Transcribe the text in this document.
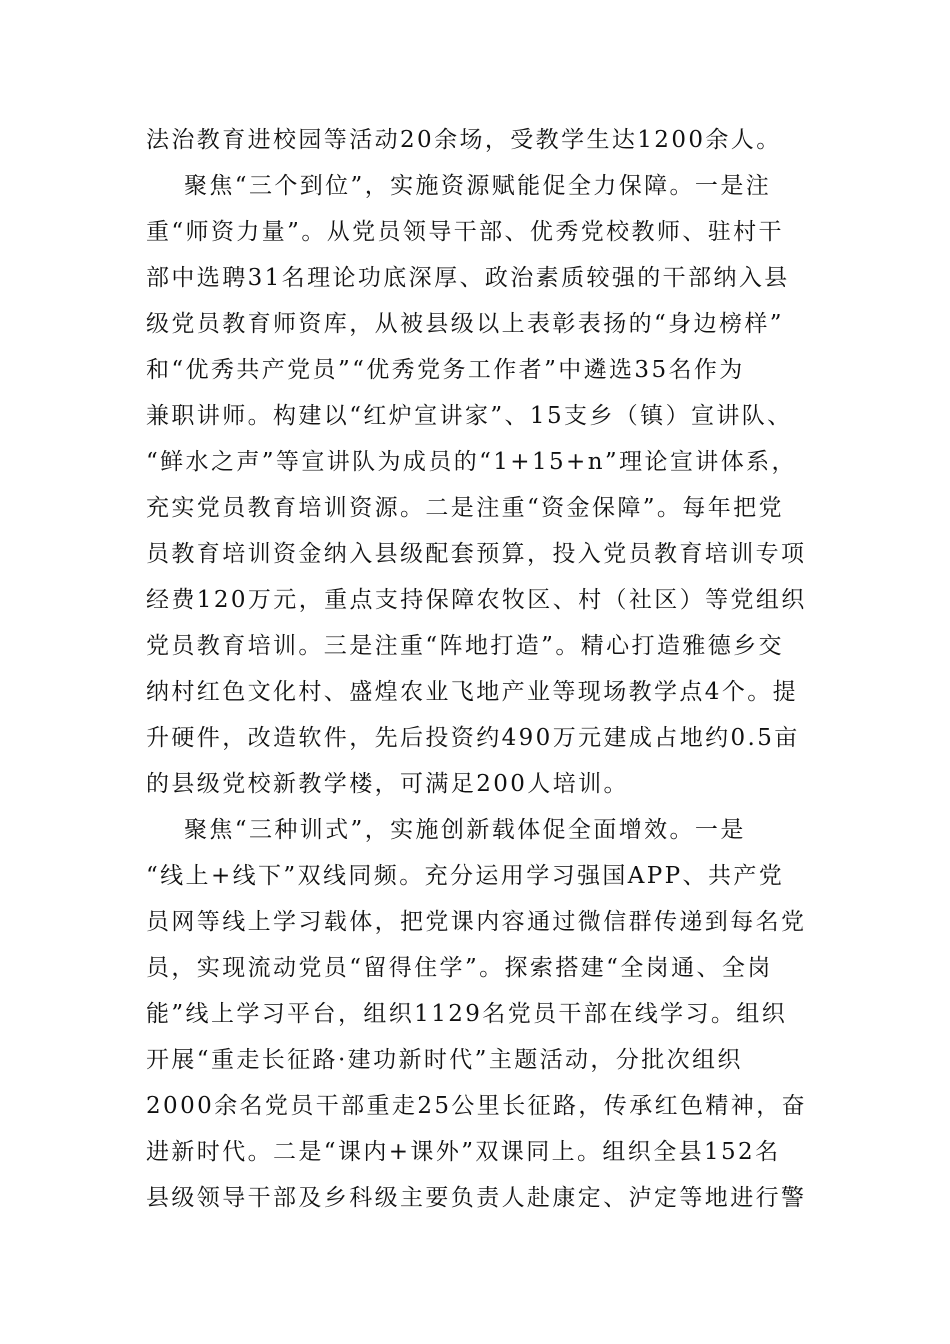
法治教育进校园等活动20余场，受教学生达1200余人。
聚焦“三个到位”，实施资源赋能促全力保障。一是注
重“师资力量”。从党员领导干部、优秀党校教师、驻村干
部中选聘31名理论功底深厚、政治素质较强的干部纳入县
级党员教育师资库，从被县级以上表彰表扬的“身边榜样”
和“优秀共产党员”“优秀党务工作者”中遴选35名作为
兼职讲师。构建以“红炉宣讲家”、15支乡（镇）宣讲队、
“鲜水之声”等宣讲队为成员的“1+15+n”理论宣讲体系，
充实党员教育培训资源。二是注重“资金保障”。每年把党
员教育培训资金纳入县级配套预算，投入党员教育培训专项
经费120万元，重点支持保障农牧区、村（社区）等党组织
党员教育培训。三是注重“阵地打造”。精心打造雅德乡交
纳村红色文化村、盛煌农业飞地产业等现场教学点4个。提
升硬件，改造软件，先后投资约490万元建成占地约0.5亩
的县级党校新教学楼，可满足200人培训。
聚焦“三种训式”，实施创新载体促全面增效。一是
“线上+线下”双线同频。充分运用学习强国APP、共产党
员网等线上学习载体，把党课内容通过微信群传递到每名党
员，实现流动党员“留得住学”。探索搭建“全岗通、全岗
能”线上学习平台，组织1129名党员干部在线学习。组织
开展“重走长征路·建功新时代”主题活动，分批次组织
2000余名党员干部重走25公里长征路，传承红色精神，奋
进新时代。二是“课内+课外”双课同上。组织全县152名
县级领导干部及乡科级主要负责人赴康定、泸定等地进行警
